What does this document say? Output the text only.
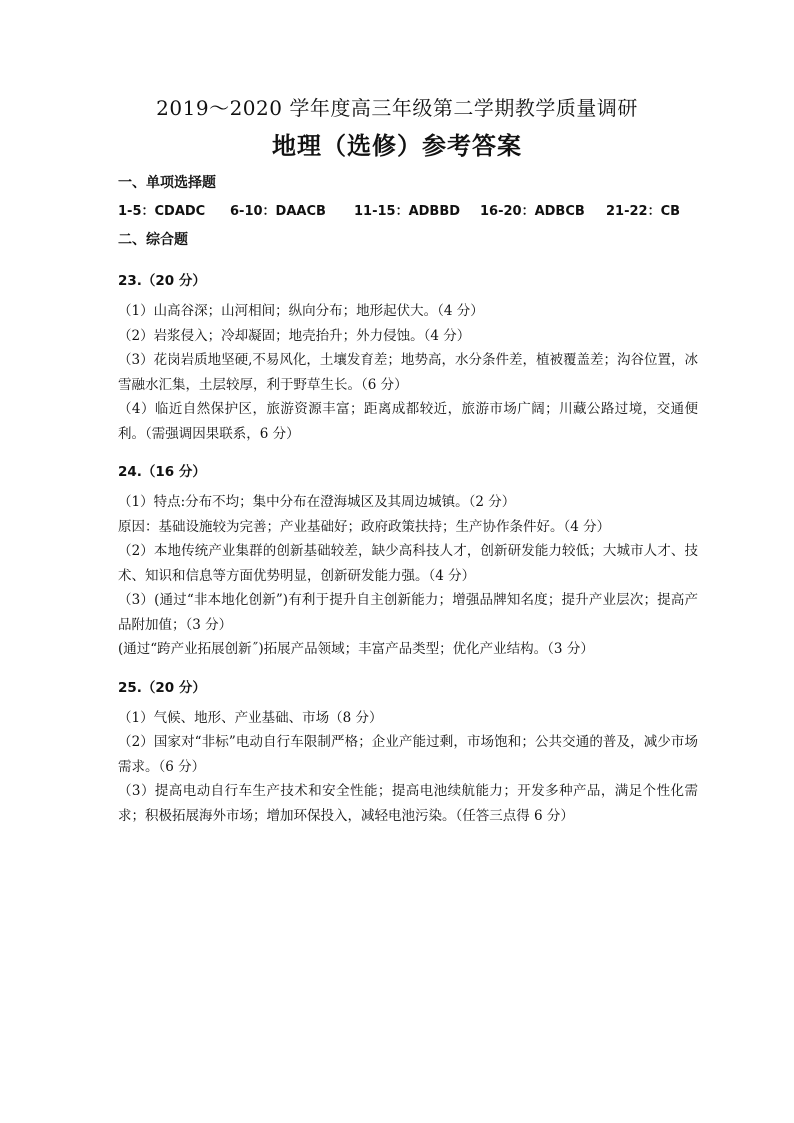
2019～2020 学年度高三年级第二学期教学质量调研
地理（选修）参考答案
一、单项选择题
1-5：CDADC	6-10：DAACB	11-15：ADBBD	16-20：ADBCB	21-22：CB
二、综合题
23.（20 分）
（1）山高谷深；山河相间；纵向分布；地形起伏大。（4 分）
（2）岩浆侵入；冷却凝固；地壳抬升；外力侵蚀。（4 分）
（3）花岗岩质地坚硬,不易风化，土壤发育差；地势高，水分条件差，植被覆盖差；沟谷位置，冰雪融水汇集，土层较厚，利于野草生长。（6 分）
（4）临近自然保护区，旅游资源丰富；距离成都较近，旅游市场广阔；川藏公路过境，交通便利。（需强调因果联系，6 分）
24.（16 分）
（1）特点:分布不均；集中分布在澄海城区及其周边城镇。（2 分）
原因：基础设施较为完善；产业基础好；政府政策扶持；生产协作条件好。（4 分）
（2）本地传统产业集群的创新基础较差，缺少高科技人才，创新研发能力较低；大城市人才、技术、知识和信息等方面优势明显，创新研发能力强。（4 分）
（3）(通过“非本地化创新”)有利于提升自主创新能力；增强品牌知名度；提升产业层次；提高产品附加值；（3 分）
(通过“跨产业拓展创新˝)拓展产品领域；丰富产品类型；优化产业结构。（3 分）
25.（20 分）
（1）气候、地形、产业基础、市场（8 分）
（2）国家对“非标”电动自行车限制严格；企业产能过剩，市场饱和；公共交通的普及，减少市场需求。（6 分）
（3）提高电动自行车生产技术和安全性能；提高电池续航能力；开发多种产品，满足个性化需求；积极拓展海外市场；增加环保投入，减轻电池污染。（任答三点得 6 分）
